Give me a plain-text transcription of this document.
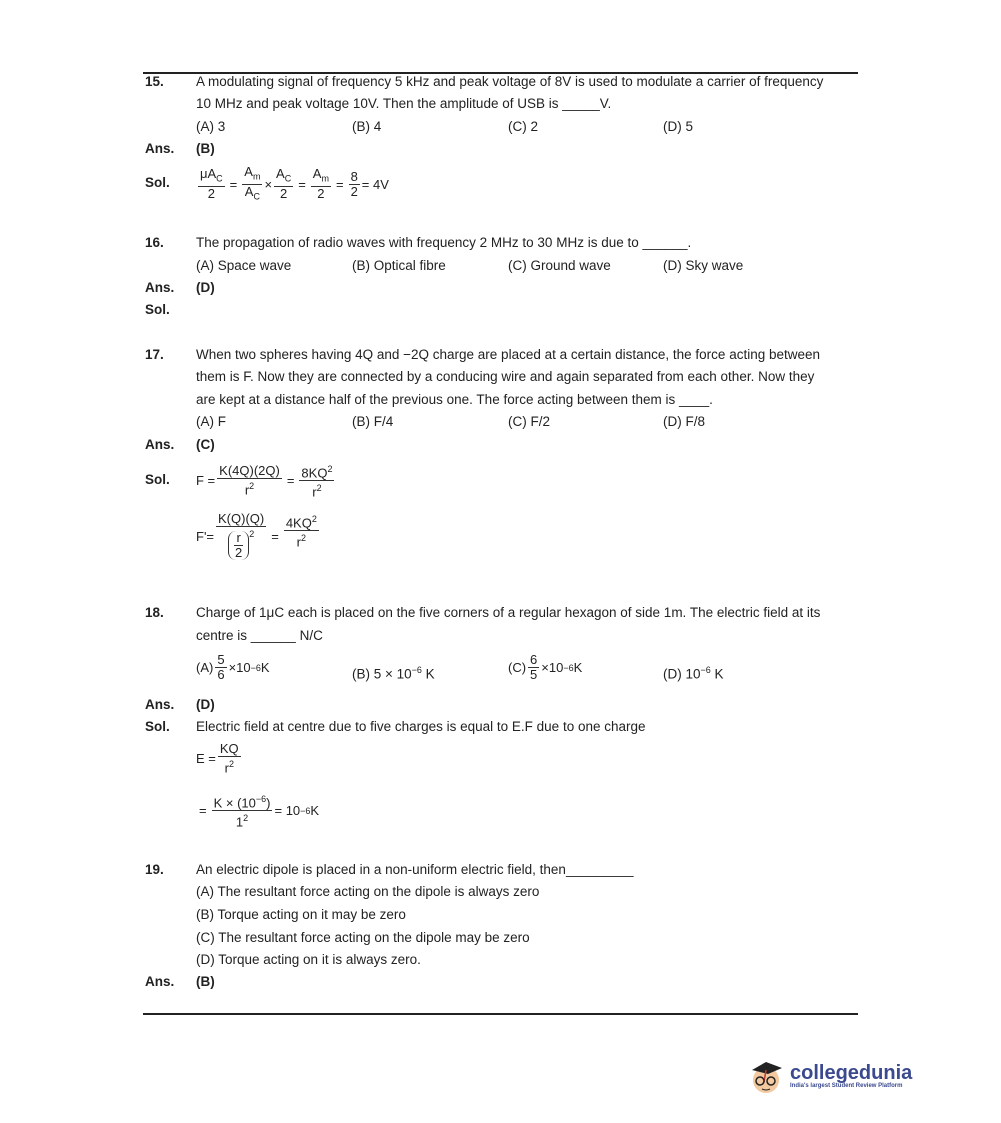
15. A modulating signal of frequency 5 kHz and peak voltage of 8V is used to modulate a carrier of frequency
10 MHz and peak voltage 10V. Then the amplitude of USB is _____V.
(A) 3	(B) 4	(C) 2	(D) 5
Ans. (B)
Sol. $\frac{\mu A_C}{2} = \frac{A_m}{A_C} \times \frac{A_C}{2} = \frac{A_m}{2} = \frac{8}{2} = 4V$
16. The propagation of radio waves with frequency 2 MHz to 30 MHz is due to ______.
(A) Space wave	(B) Optical fibre	(C) Ground wave	(D) Sky wave
Ans. (D)
Sol.
17. When two spheres having 4Q and −2Q charge are placed at a certain distance, the force acting between
them is F. Now they are connected by a conducing wire and again separated from each other. Now they
are kept at a distance half of the previous one. The force acting between them is ____.
(A) F	(B) F/4	(C) F/2	(D) F/8
Ans. (C)
Sol. $F = \frac{K(4Q)(2Q)}{r^2} = \frac{8KQ^2}{r^2}$
$F'= \frac{K(Q)(Q)}{\frac{r}{2} ^2} = \frac{4KQ^2}{r^2}$
18. Charge of 1μC each is placed on the five corners of a regular hexagon of side 1m. The electric field at its
centre is ______ N/C
$(A) \frac{5}{6} \times 10 -6$ K	(B) $5 \times 10^{-6}$ K	$(C) \frac{6}{5} \times 10 -6$ K	(D) $10^{-6}$ K
Ans. (D)
Sol. Electric field at centre due to five charges is equal to E.F due to one charge
$E = \frac{KQ}{r^2}$
= $\frac{K \times (10^{-6})}{1^2} = 10 -6$ K
19. An electric dipole is placed in a non-uniform electric field, then_________
(A) The resultant force acting on the dipole is always zero
(B) Torque acting on it may be zero
(C) The resultant force acting on the dipole may be zero
(D) Torque acting on it is always zero.
Ans. (B)
collegedunia
India's largest Student Review Platform
